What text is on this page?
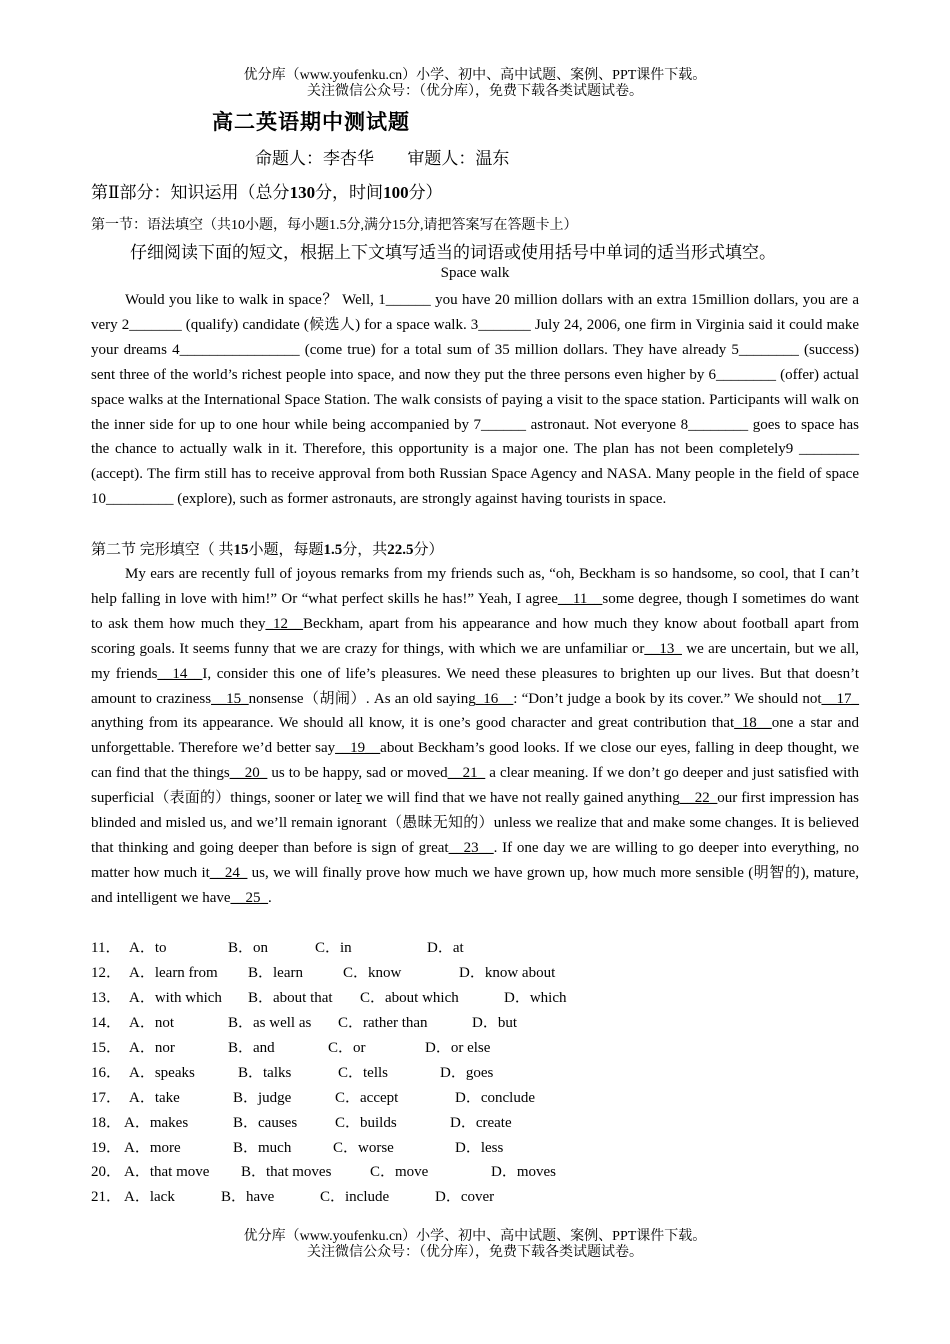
优分库（www.youfenku.cn）小学、初中、高中试题、案例、PPT课件下载。
关注微信公众号：（优分库），免费下载各类试题试卷。
高二英语期中测试题
命题人：李杏华 审题人：温东
第Ⅱ部分：知识运用（总分130分，时间100分）
第一节：语法填空（共10小题，每小题1.5分,满分15分,请把答案写在答题卡上）
仔细阅读下面的短文，根据上下文填写适当的词语或使用括号中单词的适当形式填空。
Space walk
Would you like to walk in space？ Well, 1______ you have 20 million dollars with an extra 15million dollars, you are a very 2_______ (qualify) candidate (候选人) for a space walk. 3_______ July 24, 2006, one firm in Virginia said it could make your dreams 4________________ (come true) for a total sum of 35 million dollars. They have already 5________ (success) sent three of the world’s richest people into space, and now they put the three persons even higher by 6________ (offer) actual space walks at the International Space Station. The walk consists of paying a visit to the space station. Participants will walk on the inner side for up to one hour while being accompanied by 7______ astronaut. Not everyone 8________ goes to space has the chance to actually walk in it. Therefore, this opportunity is a major one. The plan has not been completely9 ________ (accept). The firm still has to receive approval from both Russian Space Agency and NASA. Many people in the field of space 10_________ (explore), such as former astronauts, are strongly against having tourists in space.
第二节 完形填空（ 共15小题，每题1.5分，共22.5分）
My ears are recently full of joyous remarks from my friends such as, “oh, Beckham is so handsome, so cool, that I can’t help falling in love with him!” Or “what perfect skills he has!” Yeah, I agree__11__some degree, though I sometimes do want to ask them how much they_12__Beckham, apart from his appearance and how much they know about football apart from scoring goals. It seems funny that we are crazy for things, with which we are unfamiliar or__13_ we are uncertain, but we all, my friends__14__I, consider this one of life’s pleasures. We need these pleasures to brighten up our lives. But that doesn’t amount to craziness__15_nonsense（胡闹）. As an old saying_16__: “Don’t judge a book by its cover.” We should not__17_ anything from its appearance. We should all know, it is one’s good character and great contribution that_18__one a star and unforgettable. Therefore we’d better say__19__about Beckham’s good looks. If we close our eyes, falling in deep thought, we can find that the things__20_ us to be happy, sad or moved__21_ a clear meaning. If we don’t go deeper and just satisfied with superficial（表面的）things, sooner or later we will find that we have not really gained anything__22_our first impression has blinded and misled us, and we’ll remain ignorant（愚昧无知的）unless we realize that and make some changes. It is believed that thinking and going deeper than before is sign of great__23__. If one day we are willing to go deeper into everything, no matter how much it__24_ us, we will finally prove how much we have grown up, how much more sensible (明智的), mature, and intelligent we have__25_.
11． A．to	B．on	C．in	D．at
12． A．learn from B．learn	C．know	D．know about
13． A．with which B．about that C．about which	D．which
14． A．not	B．as well as C．rather than	D．but
15． A．nor	B．and	C．or	D．or else
16． A．speaks	B．talks	C．tells	D．goes
17． A．take	B．judge	C．accept	D．conclude
18． A．makes	B．causes	C．builds	D．create
19． A．more	B．much	C．worse	D．less
20． A．that move B．that moves	C．move	D．moves
21． A．lack	B．have	C．include	D．cover
优分库（www.youfenku.cn）小学、初中、高中试题、案例、PPT课件下载。
关注微信公众号：（优分库），免费下载各类试题试卷。
